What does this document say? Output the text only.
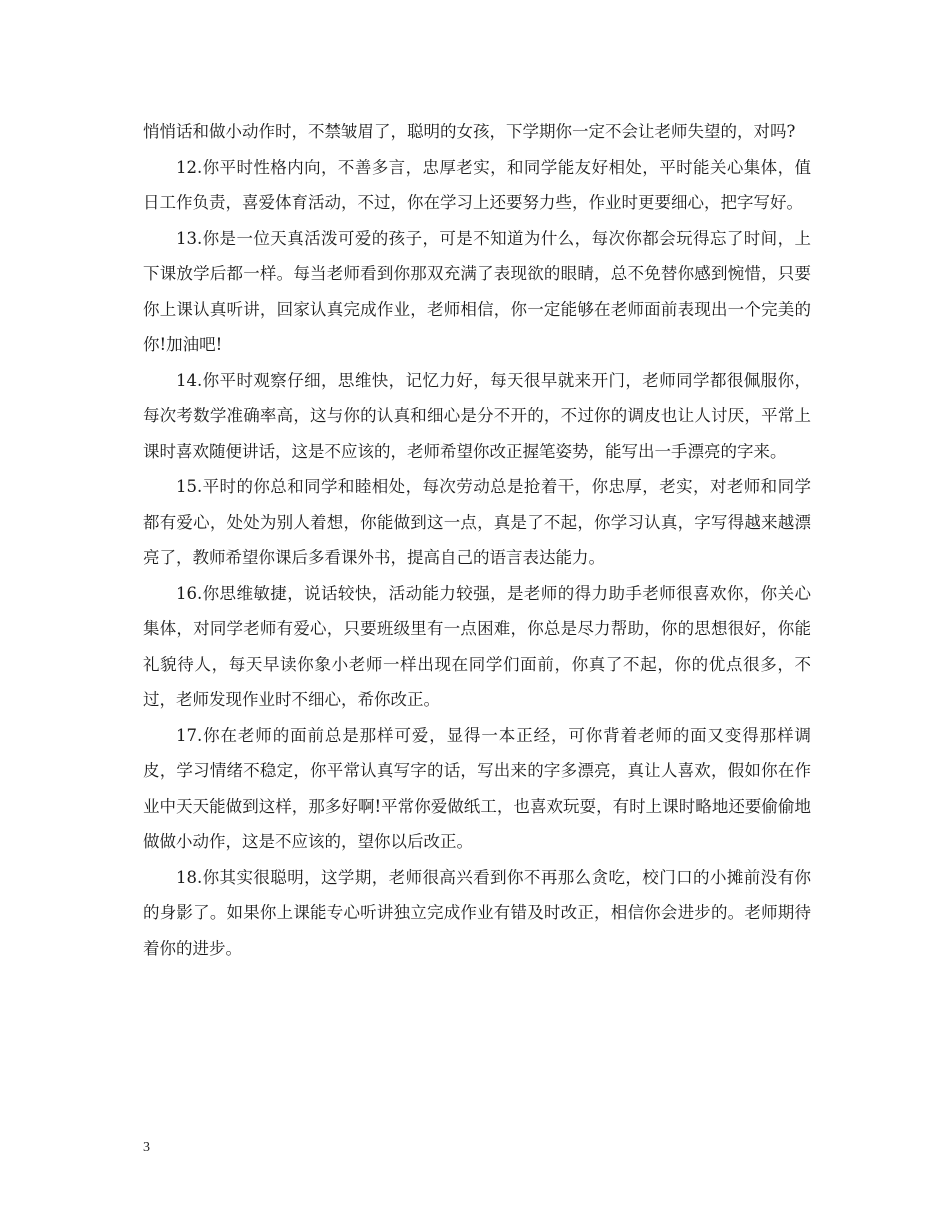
悄悄话和做小动作时，不禁皱眉了，聪明的女孩，下学期你一定不会让老师失望的，对吗?

12.你平时性格内向，不善多言，忠厚老实，和同学能友好相处，平时能关心集体，值日工作负责，喜爱体育活动，不过，你在学习上还要努力些，作业时更要细心，把字写好。

13.你是一位天真活泼可爱的孩子，可是不知道为什么，每次你都会玩得忘了时间，上下课放学后都一样。每当老师看到你那双充满了表现欲的眼睛，总不免替你感到惋惜，只要你上课认真听讲，回家认真完成作业，老师相信，你一定能够在老师面前表现出一个完美的你!加油吧!

14.你平时观察仔细，思维快，记忆力好，每天很早就来开门，老师同学都很佩服你，每次考数学准确率高，这与你的认真和细心是分不开的，不过你的调皮也让人讨厌，平常上课时喜欢随便讲话，这是不应该的，老师希望你改正握笔姿势，能写出一手漂亮的字来。

15.平时的你总和同学和睦相处，每次劳动总是抢着干，你忠厚，老实，对老师和同学都有爱心，处处为别人着想，你能做到这一点，真是了不起，你学习认真，字写得越来越漂亮了，教师希望你课后多看课外书，提高自己的语言表达能力。

16.你思维敏捷，说话较快，活动能力较强，是老师的得力助手老师很喜欢你，你关心集体，对同学老师有爱心，只要班级里有一点困难，你总是尽力帮助，你的思想很好，你能礼貌待人，每天早读你象小老师一样出现在同学们面前，你真了不起，你的优点很多，不过，老师发现作业时不细心，希你改正。

17.你在老师的面前总是那样可爱，显得一本正经，可你背着老师的面又变得那样调皮，学习情绪不稳定，你平常认真写字的话，写出来的字多漂亮，真让人喜欢，假如你在作业中天天能做到这样，那多好啊!平常你爱做纸工，也喜欢玩耍，有时上课时略地还要偷偷地做做小动作，这是不应该的，望你以后改正。

18.你其实很聪明，这学期，老师很高兴看到你不再那么贪吃，校门口的小摊前没有你的身影了。如果你上课能专心听讲独立完成作业有错及时改正，相信你会进步的。老师期待着你的进步。

3
